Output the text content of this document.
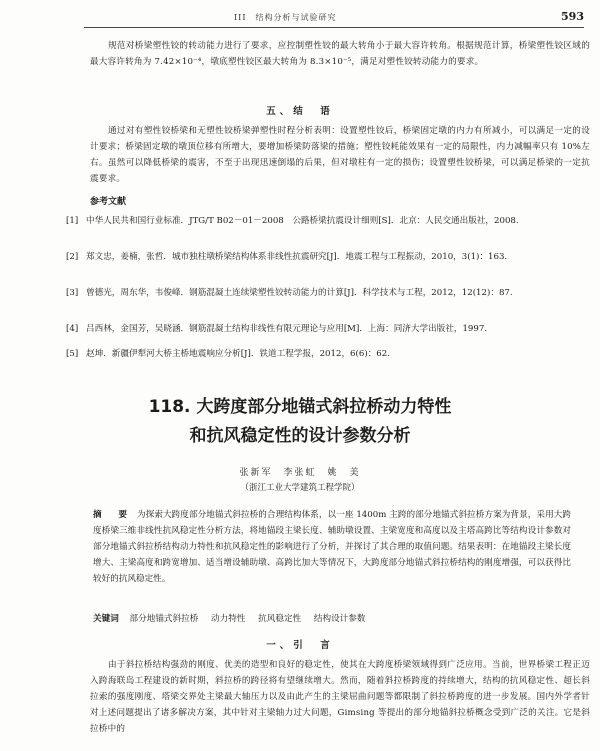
III　结构分析与试验研究	593

规范对桥梁塑性铰的转动能力进行了要求，应控制塑性铰的最大转角小于最大容许转角。根据规范计算，桥梁塑性铰区域的最大容许转角为 7.42×10⁻⁴，墩底塑性铰区最大转角为 8.3×10⁻⁵，满足对塑性铰转动能力的要求。

五、结　语

通过对有塑性铰桥梁和无塑性铰桥梁弹塑性时程分析表明：设置塑性铰后，桥梁固定墩的内力有所减小，可以满足一定的设计要求；桥梁固定墩的墩顶位移有所增大，要增加桥梁防落梁的措施；塑性铰耗能效果有一定的局限性，内力减幅率只有 10%左右。虽然可以降低桥梁的震害，不至于出现迅速倒塌的后果，但对墩柱有一定的损伤；设置塑性铰桥梁，可以满足桥梁的一定抗震要求。

参考文献
[1] 中华人民共和国行业标准．JTG/T B02－01－2008　公路桥梁抗震设计细则[S]．北京：人民交通出版社，2008.
[2] 郑文忠，姜楠，张哲．城市独柱墩桥梁结构体系非线性抗震研究[J]．地震工程与工程振动，2010，3(1)：163.
[3] 曾德光，周东华，韦俊峰．钢筋混凝土连续梁塑性铰转动能力的计算[J]．科学技术与工程，2012，12(12)：87.
[4] 吕西林，金国芳，吴晓涵．钢筋混凝土结构非线性有限元理论与应用[M]．上海：同济大学出版社，1997.
[5] 赵坤．新疆伊犁河大桥主桥地震响应分析[J]．铁道工程学报，2012，6(6)：62.
118. 大跨度部分地锚式斜拉桥动力特性
和抗风稳定性的设计参数分析
张新军　李张虹　姚　美
（浙江工业大学建筑工程学院）
摘　要 为探索大跨度部分地锚式斜拉桥的合理结构体系，以一座 1400m 主跨的部分地锚式斜拉桥方案为背景，采用大跨度桥梁三维非线性抗风稳定性分析方法，将地锚段主梁长度、辅助墩设置、主梁宽度和高度以及主塔高跨比等结构设计参数对部分地锚式斜拉桥结构动力特性和抗风稳定性的影响进行了分析，并探讨了其合理的取值问题。结果表明：在地锚段主梁长度增大、主梁高度和跨宽增加、适当增设辅助墩、高跨比加大等情况下，大跨度部分地锚式斜拉桥结构的刚度增强，可以获得比较好的抗风稳定性。
关键词 部分地锚式斜拉桥 动力特性 抗风稳定性 结构设计参数
一、引　言

由于斜拉桥结构强劲的刚度、优美的造型和良好的稳定性，使其在大跨度桥梁领域得到广泛应用。当前，世界桥梁工程正迈入跨海联岛工程建设的新时期，斜拉桥的跨径将有望继续增大。然而，随着斜拉桥跨度的持续增大，结构的抗风稳定性、超长斜拉索的强度刚度、塔梁交界处主梁最大轴压力以及由此产生的主梁屈曲问题等都限制了斜拉桥跨度的进一步发展。国内外学者针对上述问题提出了诸多解决方案，其中针对主梁轴力过大问题，Gimsing 等提出的部分地锚斜拉桥概念受到广泛的关注。它是斜拉桥中的
